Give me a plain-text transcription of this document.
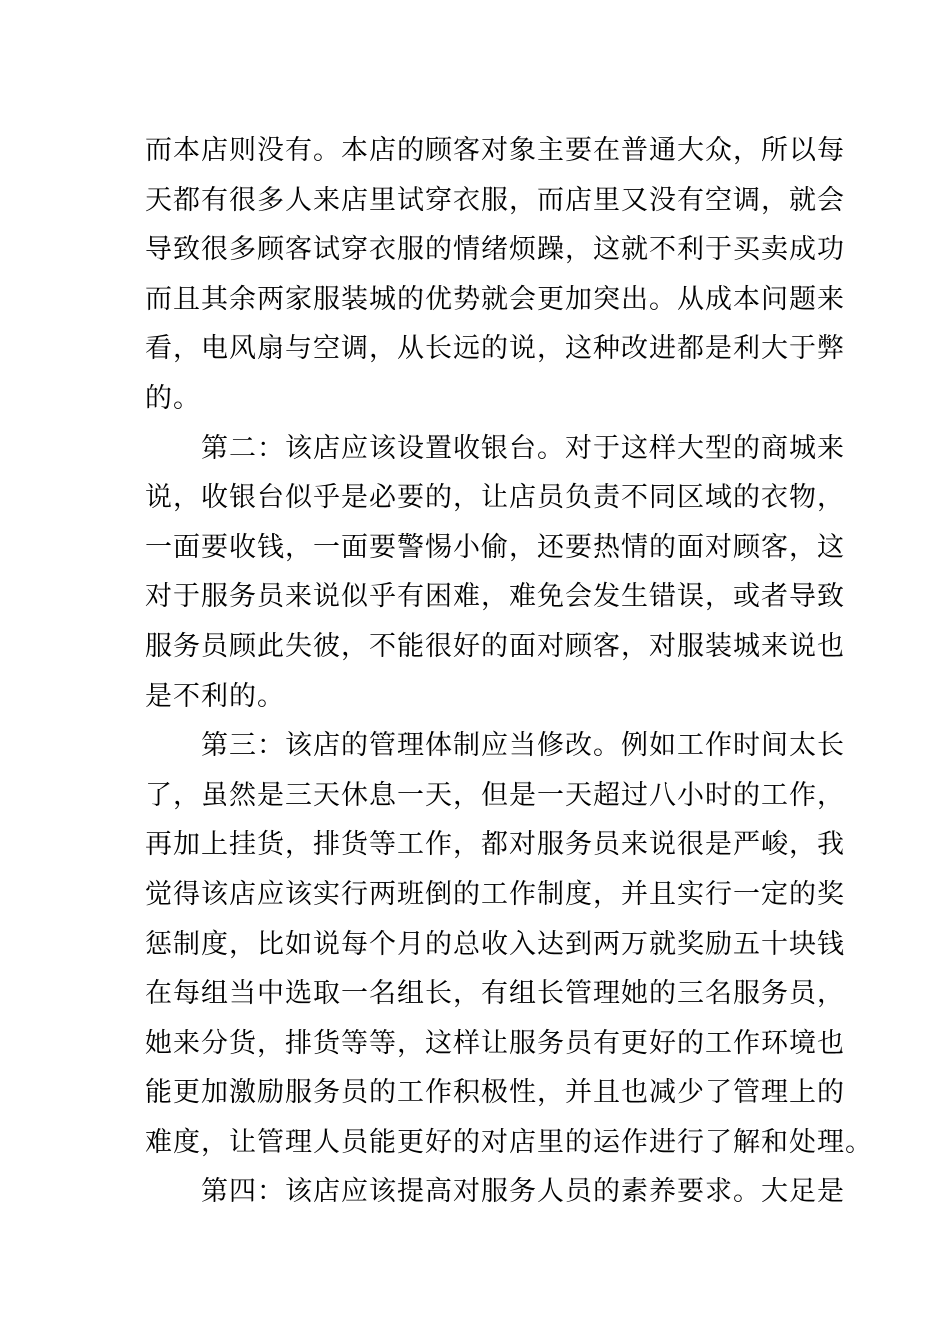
而本店则没有。本店的顾客对象主要在普通大众，所以每
天都有很多人来店里试穿衣服，而店里又没有空调，就会
导致很多顾客试穿衣服的情绪烦躁，这就不利于买卖成功
而且其余两家服装城的优势就会更加突出。从成本问题来
看，电风扇与空调，从长远的说，这种改进都是利大于弊
的。
第二：该店应该设置收银台。对于这样大型的商城来
说，收银台似乎是必要的，让店员负责不同区域的衣物，
一面要收钱，一面要警惕小偷，还要热情的面对顾客，这
对于服务员来说似乎有困难，难免会发生错误，或者导致
服务员顾此失彼，不能很好的面对顾客，对服装城来说也
是不利的。
第三：该店的管理体制应当修改。例如工作时间太长
了，虽然是三天休息一天，但是一天超过八小时的工作，
再加上挂货，排货等工作，都对服务员来说很是严峻，我
觉得该店应该实行两班倒的工作制度，并且实行一定的奖
惩制度，比如说每个月的总收入达到两万就奖励五十块钱
在每组当中选取一名组长，有组长管理她的三名服务员，
她来分货，排货等等，这样让服务员有更好的工作环境也
能更加激励服务员的工作积极性，并且也减少了管理上的
难度，让管理人员能更好的对店里的运作进行了解和处理。
第四：该店应该提高对服务人员的素养要求。大足是
